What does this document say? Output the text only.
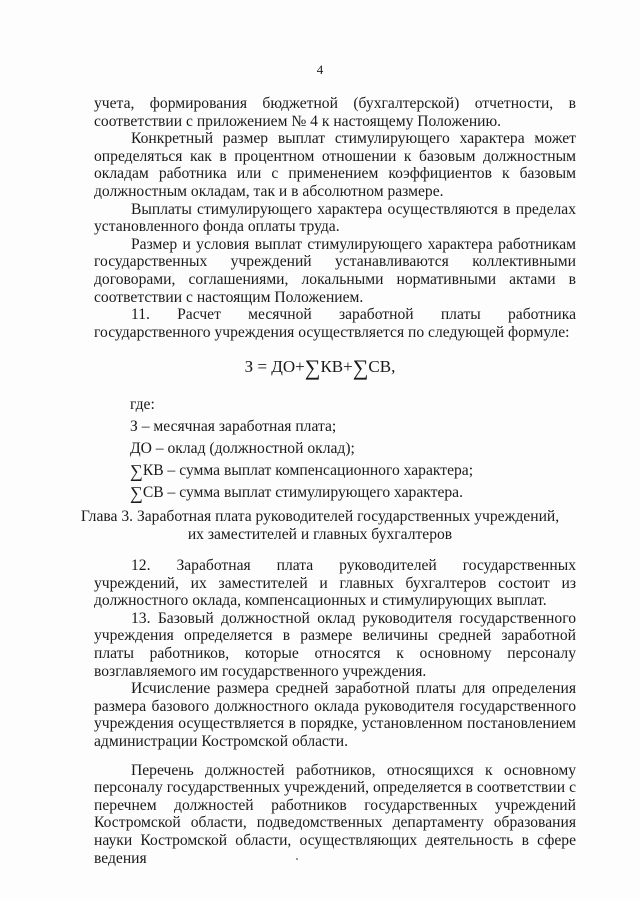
4

учета, формирования бюджетной (бухгалтерской) отчетности, в соответствии с приложением № 4 к настоящему Положению.

Конкретный размер выплат стимулирующего характера может определяться как в процентном отношении к базовым должностным окладам работника или с применением коэффициентов к базовым должностным окладам, так и в абсолютном размере.

Выплаты стимулирующего характера осуществляются в пределах установленного фонда оплаты труда.

Размер и условия выплат стимулирующего характера работникам государственных учреждений устанавливаются коллективными договорами, соглашениями, локальными нормативными актами в соответствии с настоящим Положением.

11. Расчет месячной заработной платы работника государственного учреждения осуществляется по следующей формуле:

З = ДО+∑КВ+∑СВ,
где:
З – месячная заработная плата;
ДО – оклад (должностной оклад);
∑КВ – сумма выплат компенсационного характера;
∑СВ – сумма выплат стимулирующего характера.
Глава 3. Заработная плата руководителей государственных учреждений,
их заместителей и главных бухгалтеров

12. Заработная плата руководителей государственных учреждений, их заместителей и главных бухгалтеров состоит из должностного оклада, компенсационных и стимулирующих выплат.

13. Базовый должностной оклад руководителя государственного учреждения определяется в размере величины средней заработной платы работников, которые относятся к основному персоналу возглавляемого им государственного учреждения.

Исчисление размера средней заработной платы для определения размера базового должностного оклада руководителя государственного учреждения осуществляется в порядке, установленном постановлением администрации Костромской области.

Перечень должностей работников, относящихся к основному персоналу государственных учреждений, определяется в соответствии с перечнем должностей работников государственных учреждений Костромской области, подведомственных департаменту образования науки Костромской области, осуществляющих деятельность в сфере ведения
